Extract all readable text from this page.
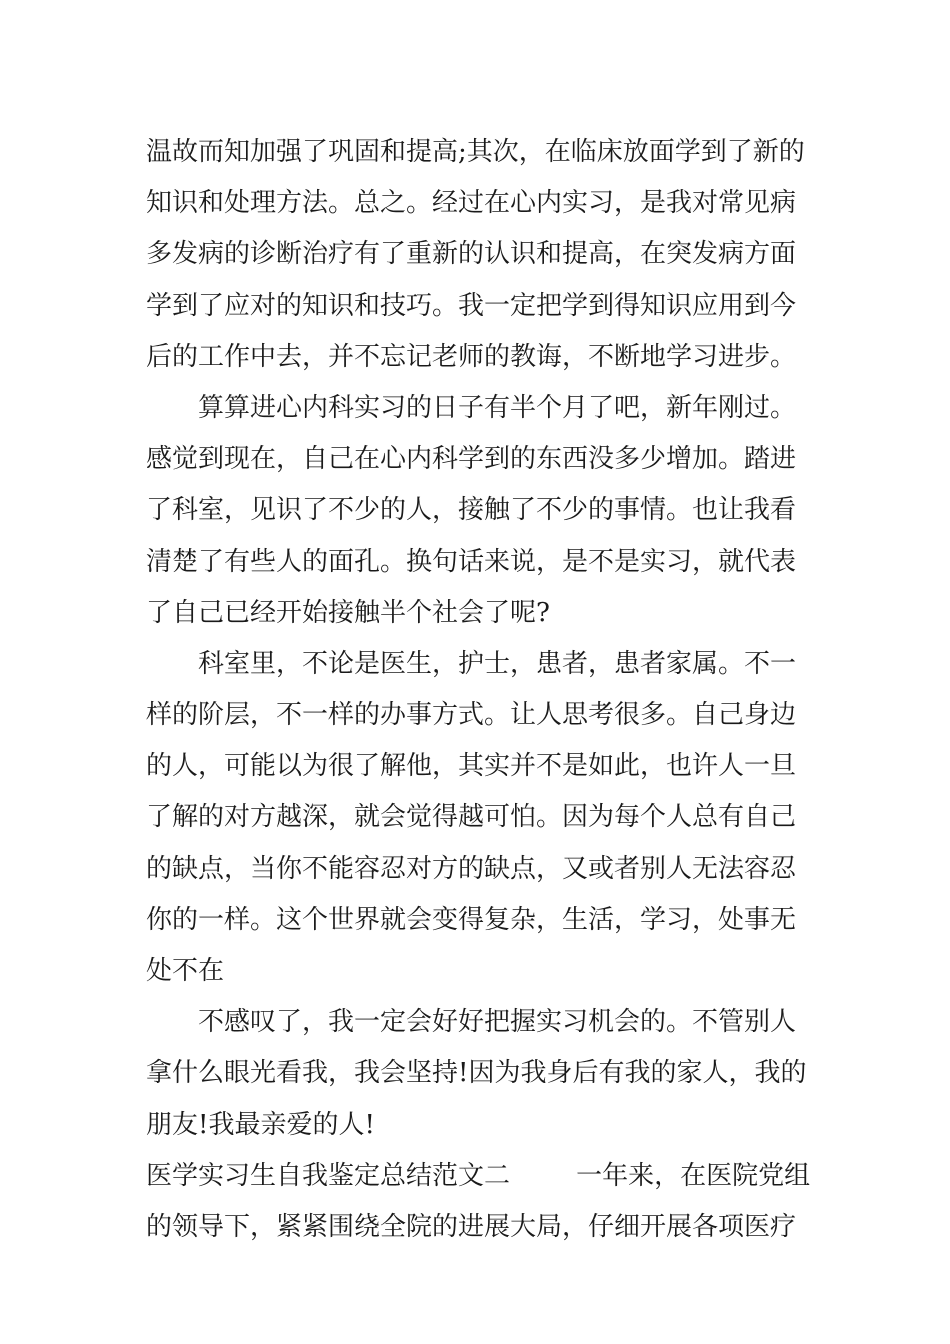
温故而知加强了巩固和提高;其次，在临床放面学到了新的
知识和处理方法。总之。经过在心内实习，是我对常见病
多发病的诊断治疗有了重新的认识和提高，在突发病方面
学到了应对的知识和技巧。我一定把学到得知识应用到今
后的工作中去，并不忘记老师的教诲，不断地学习进步。
算算进心内科实习的日子有半个月了吧，新年刚过。
感觉到现在，自己在心内科学到的东西没多少增加。踏进
了科室，见识了不少的人，接触了不少的事情。也让我看
清楚了有些人的面孔。换句话来说，是不是实习，就代表
了自己已经开始接触半个社会了呢?
科室里，不论是医生，护士，患者，患者家属。不一
样的阶层，不一样的办事方式。让人思考很多。自己身边
的人，可能以为很了解他，其实并不是如此，也许人一旦
了解的对方越深，就会觉得越可怕。因为每个人总有自己
的缺点，当你不能容忍对方的缺点，又或者别人无法容忍
你的一样。这个世界就会变得复杂，生活，学习，处事无
处不在
不感叹了，我一定会好好把握实习机会的。不管别人
拿什么眼光看我，我会坚持!因为我身后有我的家人，我的
朋友!我最亲爱的人!
医学实习生自我鉴定总结范文二        一年来，在医院党组
的领导下，紧紧围绕全院的进展大局，仔细开展各项医疗
